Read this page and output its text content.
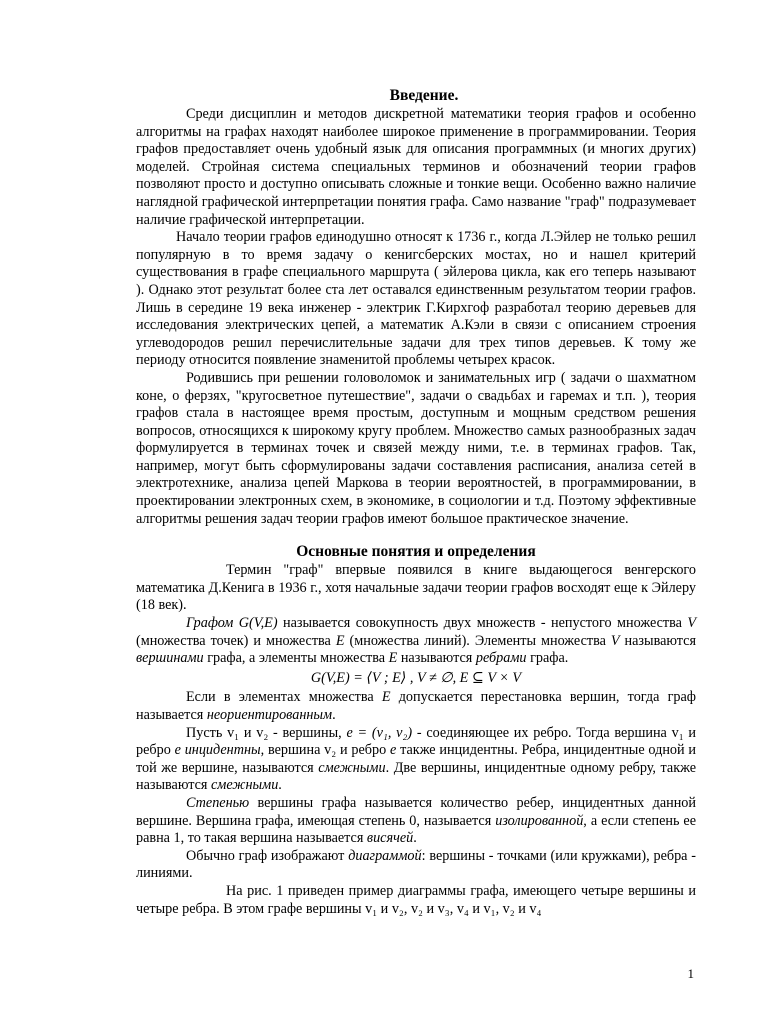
Введение.

Среди дисциплин и методов дискретной математики теория графов и особенно алгоритмы на графах находят наиболее широкое применение в программировании. Теория графов предоставляет очень удобный язык для описания программных (и многих других) моделей. Стройная система специальных терминов и обозначений теории графов позволяют просто и доступно описывать сложные и тонкие вещи. Особенно важно наличие наглядной графической интерпретации понятия графа. Само название "граф" подразумевает наличие графической интерпретации.

Начало теории графов единодушно относят к 1736 г., когда Л.Эйлер не только решил популярную в то время задачу о кенигсберских мостах, но и нашел критерий существования в графе специального маршрута ( эйлерова цикла, как его теперь называют ). Однако этот результат более ста лет оставался единственным результатом теории графов. Лишь в середине 19 века инженер - электрик Г.Кирхгоф разработал теорию деревьев для исследования электрических цепей, а математик А.Кэли в связи с описанием строения углеводородов решил перечислительные задачи для трех типов деревьев. К тому же периоду относится появление знаменитой проблемы четырех красок.

Родившись при решении головоломок и занимательных игр ( задачи о шахматном коне, о ферзях, "кругосветное путешествие", задачи о свадьбах и гаремах и т.п. ), теория графов стала в настоящее время простым, доступным и мощным средством решения вопросов, относящихся к широкому кругу проблем. Множество самых разнообразных задач формулируется в терминах точек и связей между ними, т.е. в терминах графов. Так, например, могут быть сформулированы задачи составления расписания, анализа сетей в электротехнике, анализа цепей Маркова в теории вероятностей, в программировании, в проектировании электронных схем, в экономике, в социологии и т.д. Поэтому эффективные алгоритмы решения задач теории графов имеют большое практическое значение.

Основные понятия и определения

Термин "граф" впервые появился в книге выдающегося венгерского математика Д.Кенига в 1936 г., хотя начальные задачи теории графов восходят еще к Эйлеру (18 век).

Графом G(V,E) называется совокупность двух множеств - непустого множества V (множества точек) и множества E (множества линий). Элементы множества V называются вершинами графа, а элементы множества E называются ребрами графа.

G(V,E) = ⟨V ; E⟩ , V ≠ ∅, E ⊆ V × V

Если в элементах множества E допускается перестановка вершин, тогда граф называется неориентированным.

Пусть v₁ и v₂ - вершины, e = (v₁, v₂) - соединяющее их ребро. Тогда вершина v₁ и ребро e инцидентны, вершина v₂ и ребро e также инцидентны. Ребра, инцидентные одной и той же вершине, называются смежными. Две вершины, инцидентные одному ребру, также называются смежными.

Степенью вершины графа называется количество ребер, инцидентных данной вершине. Вершина графа, имеющая степень 0, называется изолированной, а если степень ее равна 1, то такая вершина называется висячей.

Обычно граф изображают диаграммой: вершины - точками (или кружками), ребра - линиями.

На рис. 1 приведен пример диаграммы графа, имеющего четыре вершины и четыре ребра. В этом графе вершины v₁ и v₂, v₂ и v₃, v₄ и v₁, v₂ и v₄

1
